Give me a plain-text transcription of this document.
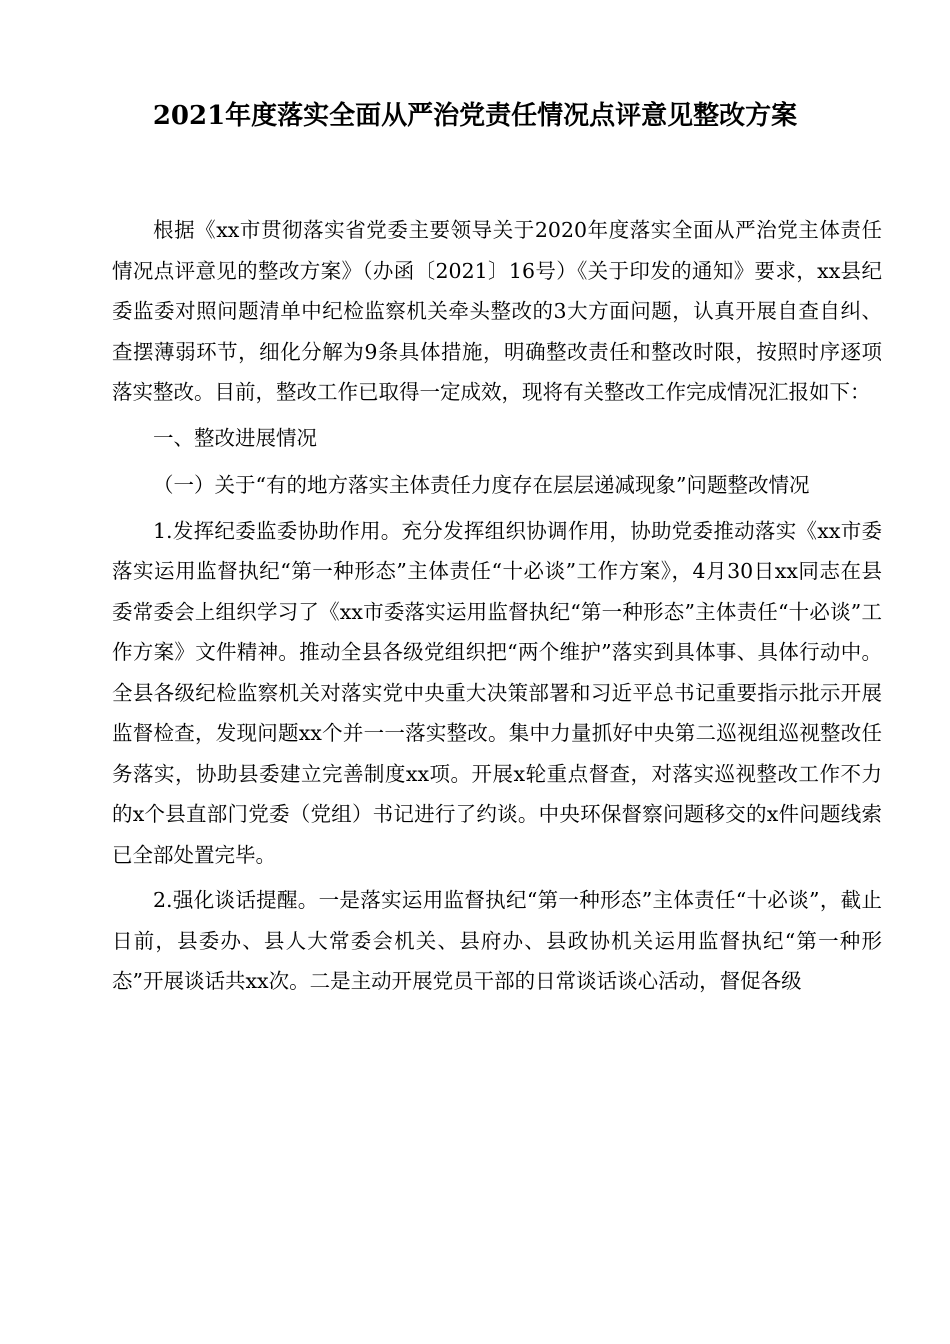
2021年度落实全面从严治党责任情况点评意见整改方案

根据《xx市贯彻落实省党委主要领导关于2020年度落实全面从严治党主体责任情况点评意见的整改方案》（办函〔2021〕16号）《关于印发的通知》要求，xx县纪委监委对照问题清单中纪检监察机关牵头整改的3大方面问题，认真开展自查自纠、查摆薄弱环节，细化分解为9条具体措施，明确整改责任和整改时限，按照时序逐项落实整改。目前，整改工作已取得一定成效，现将有关整改工作完成情况汇报如下：

一、整改进展情况

（一）关于“有的地方落实主体责任力度存在层层递减现象”问题整改情况

1.发挥纪委监委协助作用。充分发挥组织协调作用，协助党委推动落实《xx市委落实运用监督执纪“第一种形态”主体责任“十必谈”工作方案》，4月30日xx同志在县委常委会上组织学习了《xx市委落实运用监督执纪“第一种形态”主体责任“十必谈”工作方案》文件精神。推动全县各级党组织把“两个维护”落实到具体事、具体行动中。全县各级纪检监察机关对落实党中央重大决策部署和习近平总书记重要指示批示开展监督检查，发现问题xx个并一一落实整改。集中力量抓好中央第二巡视组巡视整改任务落实，协助县委建立完善制度xx项。开展x轮重点督查，对落实巡视整改工作不力的x个县直部门党委（党组）书记进行了约谈。中央环保督察问题移交的x件问题线索已全部处置完毕。

2.强化谈话提醒。一是落实运用监督执纪“第一种形态”主体责任“十必谈”，截止日前，县委办、县人大常委会机关、县府办、县政协机关运用监督执纪“第一种形态”开展谈话共xx次。二是主动开展党员干部的日常谈话谈心活动，督促各级
